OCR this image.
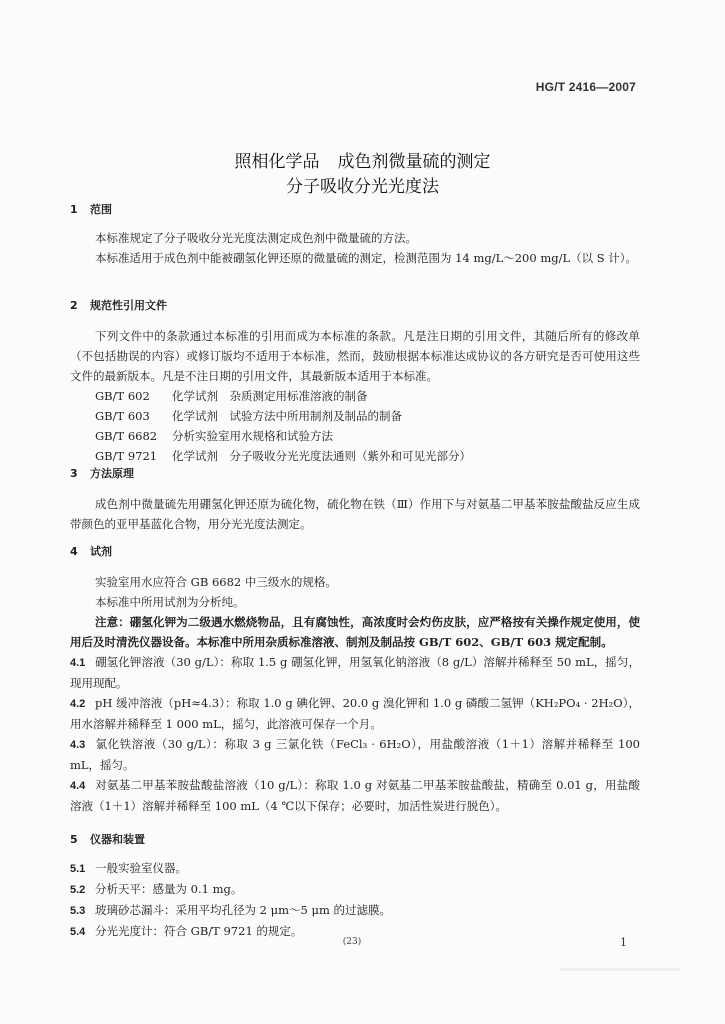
HG/T 2416—2007
照相化学品 成色剂微量硫的测定
分子吸收分光光度法
1 范围
本标准规定了分子吸收分光光度法测定成色剂中微量硫的方法。
本标准适用于成色剂中能被硼氢化钾还原的微量硫的测定，检测范围为 14 mg/L～200 mg/L（以 S 计）。
2 规范性引用文件
下列文件中的条款通过本标准的引用而成为本标准的条款。凡是注日期的引用文件，其随后所有的修改单（不包括勘误的内容）或修订版均不适用于本标准，然而，鼓励根据本标准达成协议的各方研究是否可使用这些文件的最新版本。凡是不注日期的引用文件，其最新版本适用于本标准。
GB/T 602 化学试剂　杂质测定用标准溶液的制备
GB/T 603 化学试剂　试验方法中所用制剂及制品的制备
GB/T 6682 分析实验室用水规格和试验方法
GB/T 9721 化学试剂　分子吸收分光光度法通则（紫外和可见光部分）
3 方法原理
成色剂中微量硫先用硼氢化钾还原为硫化物，硫化物在铁（Ⅲ）作用下与对氨基二甲基苯胺盐酸盐反应生成带颜色的亚甲基蓝化合物，用分光光度法测定。
4 试剂
实验室用水应符合 GB 6682 中三级水的规格。
本标准中所用试剂为分析纯。
注意：硼氢化钾为二级遇水燃烧物品，且有腐蚀性，高浓度时会灼伤皮肤，应严格按有关操作规定使用，使用后及时清洗仪器设备。本标准中所用杂质标准溶液、制剂及制品按 GB/T 602、GB/T 603 规定配制。
4.1 硼氢化钾溶液（30 g/L）：称取 1.5 g 硼氢化钾，用氢氧化钠溶液（8 g/L）溶解并稀释至 50 mL，摇匀，现用现配。
4.2 pH 缓冲溶液（pH≈4.3）：称取 1.0 g 碘化钾、20.0 g 溴化钾和 1.0 g 磷酸二氢钾（KH₂PO₄ · 2H₂O），用水溶解并稀释至 1 000 mL，摇匀，此溶液可保存一个月。
4.3 氯化铁溶液（30 g/L）：称取 3 g 三氯化铁（FeCl₃ · 6H₂O），用盐酸溶液（1＋1）溶解并稀释至 100 mL，摇匀。
4.4 对氨基二甲基苯胺盐酸盐溶液（10 g/L）：称取 1.0 g 对氨基二甲基苯胺盐酸盐，精确至 0.01 g，用盐酸溶液（1＋1）溶解并稀释至 100 mL（4 ℃以下保存；必要时，加活性炭进行脱色）。
5 仪器和装置
5.1 一般实验室仪器。
5.2 分析天平：感量为 0.1 mg。
5.3 玻璃砂芯漏斗：采用平均孔径为 2 μm～5 μm 的过滤膜。
5.4 分光光度计：符合 GB/T 9721 的规定。
(23)	1
